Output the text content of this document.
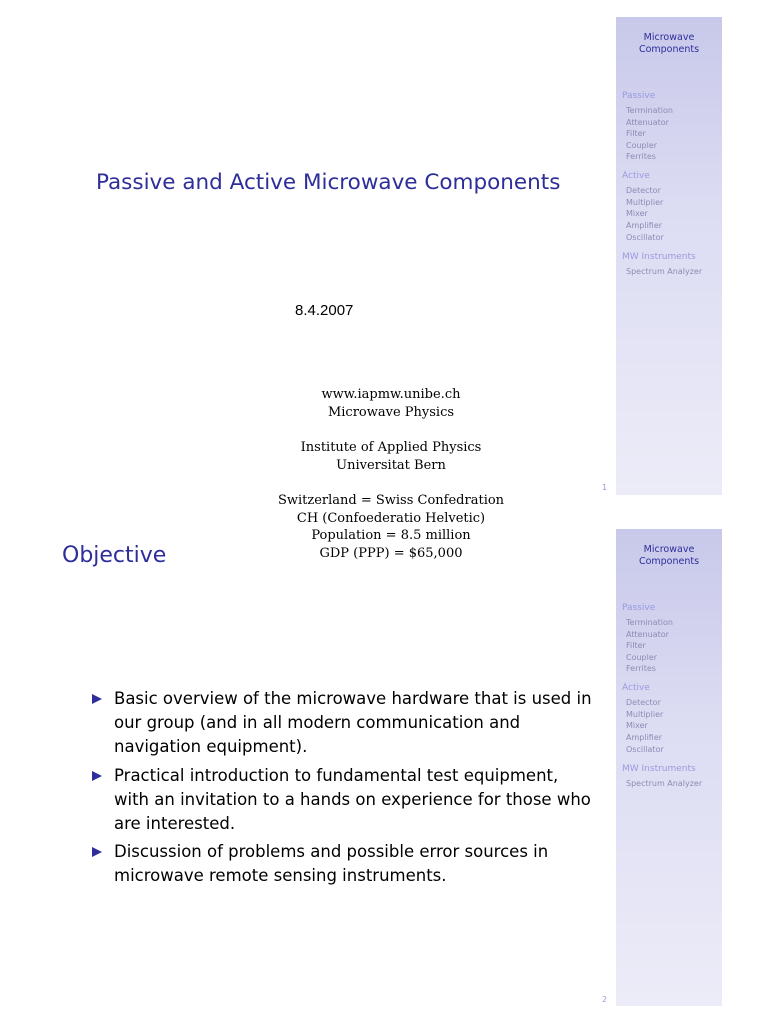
Microwave
Components
Passive
Termination
Attenuator
Filter
Coupler
Ferrites
Active
Detector
Multiplier
Mixer
Amplifier
Oscillator
MW Instruments
Spectrum Analyzer
1
Passive and Active Microwave Components
8.4.2007
www.iapmw.unibe.ch
Microwave Physics
Institute of Applied Physics
Universitat Bern
Switzerland = Swiss Confedration
CH (Confoederatio Helvetic)
Population = 8.5 million
GDP (PPP) = $65,000	Microwave
Components
Passive
Termination
Attenuator
Filter
Coupler
Ferrites
Active
Detector
Multiplier
Mixer
Amplifier
Oscillator
MW Instruments
Spectrum Analyzer
2
Objective
Basic overview of the microwave hardware that is used in our group (and in all modern communication and navigation equipment).
Practical introduction to fundamental test equipment, with an invitation to a hands on experience for those who are interested.
Discussion of problems and possible error sources in microwave remote sensing instruments.
